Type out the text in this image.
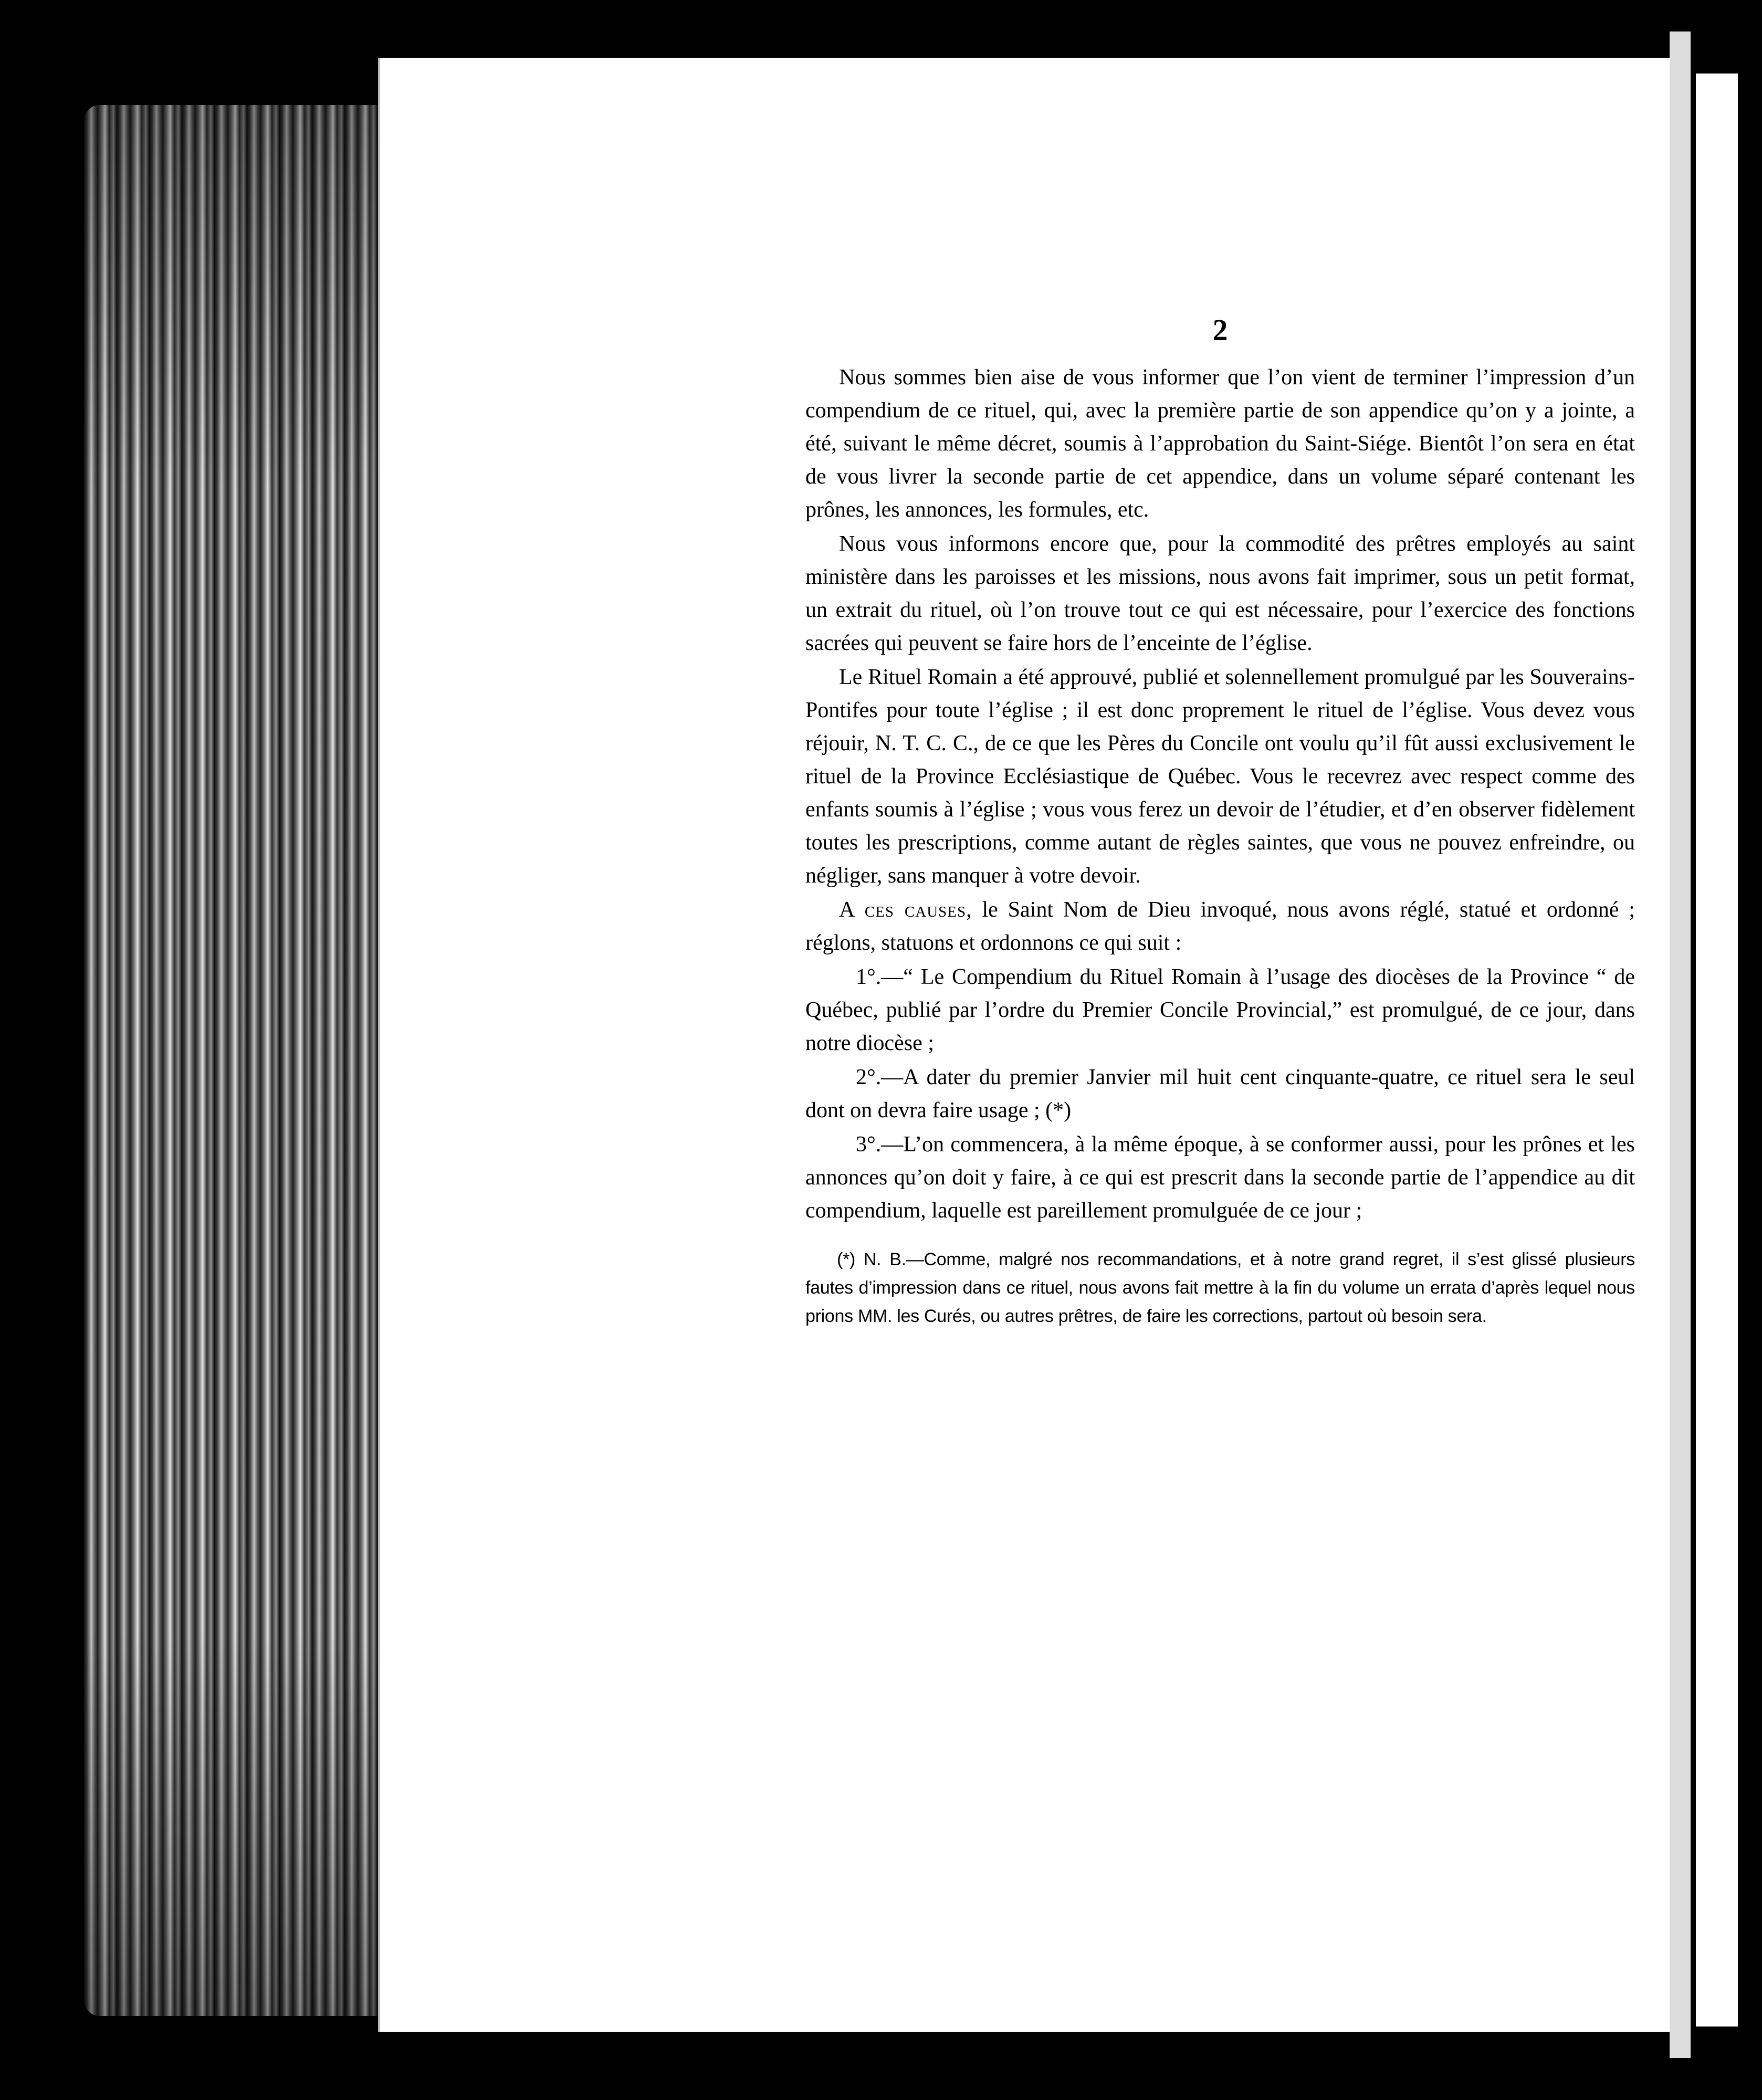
2

Nous sommes bien aise de vous informer que l’on vient de terminer l’impression d’un compendium de ce rituel, qui, avec la première partie de son appendice qu’on y a jointe, a été, suivant le même décret, soumis à l’approbation du Saint-Siége. Bientôt l’on sera en état de vous livrer la seconde partie de cet appendice, dans un volume séparé contenant les prônes, les annonces, les formules, etc.

Nous vous informons encore que, pour la commodité des prêtres employés au saint ministère dans les paroisses et les missions, nous avons fait imprimer, sous un petit format, un extrait du rituel, où l’on trouve tout ce qui est nécessaire, pour l’exercice des fonctions sacrées qui peuvent se faire hors de l’enceinte de l’église.

Le Rituel Romain a été approuvé, publié et solennellement promulgué par les Souverains-Pontifes pour toute l’église ; il est donc proprement le rituel de l’église. Vous devez vous réjouir, N. T. C. C., de ce que les Pères du Concile ont voulu qu’il fût aussi exclusivement le rituel de la Province Ecclésiastique de Québec. Vous le recevrez avec respect comme des enfants soumis à l’église ; vous vous ferez un devoir de l’étudier, et d’en observer fidèlement toutes les prescriptions, comme autant de règles saintes, que vous ne pouvez enfreindre, ou négliger, sans manquer à votre devoir.

A ces causes, le Saint Nom de Dieu invoqué, nous avons réglé, statué et ordonné ; réglons, statuons et ordonnons ce qui suit :

1°.—“ Le Compendium du Rituel Romain à l’usage des diocèses de la Province “ de Québec, publié par l’ordre du Premier Concile Provincial,” est promulgué, de ce jour, dans notre diocèse ;

2°.—A dater du premier Janvier mil huit cent cinquante-quatre, ce rituel sera le seul dont on devra faire usage ; (*)

3°.—L’on commencera, à la même époque, à se conformer aussi, pour les prônes et les annonces qu’on doit y faire, à ce qui est prescrit dans la seconde partie de l’appendice au dit compendium, laquelle est pareillement promulguée de ce jour ;

(*) N. B.—Comme, malgré nos recommandations, et à notre grand regret, il s’est glissé plusieurs fautes d’impression dans ce rituel, nous avons fait mettre à la fin du volume un errata d’après lequel nous prions MM. les Curés, ou autres prêtres, de faire les corrections, partout où besoin sera.
